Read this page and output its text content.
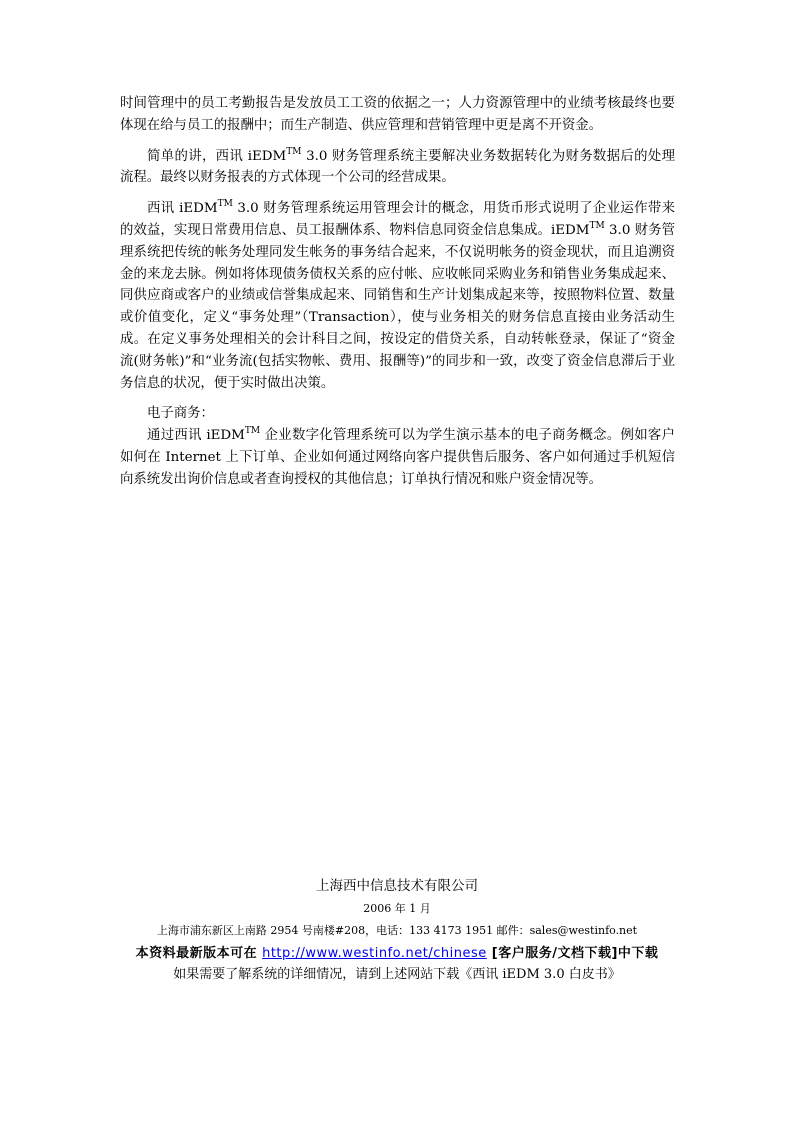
时间管理中的员工考勤报告是发放员工工资的依据之一；人力资源管理中的业绩考核最终也要体现在给与员工的报酬中；而生产制造、供应管理和营销管理中更是离不开资金。

简单的讲，西讯 iEDM™ 3.0 财务管理系统主要解决业务数据转化为财务数据后的处理流程。最终以财务报表的方式体现一个公司的经营成果。

西讯 iEDM™ 3.0 财务管理系统运用管理会计的概念，用货币形式说明了企业运作带来的效益，实现日常费用信息、员工报酬体系、物料信息同资金信息集成。iEDM™ 3.0 财务管理系统把传统的帐务处理同发生帐务的事务结合起来，不仅说明帐务的资金现状，而且追溯资金的来龙去脉。例如将体现债务债权关系的应付帐、应收帐同采购业务和销售业务集成起来、同供应商或客户的业绩或信誉集成起来、同销售和生产计划集成起来等，按照物料位置、数量或价值变化，定义“事务处理”（Transaction），使与业务相关的财务信息直接由业务活动生成。在定义事务处理相关的会计科目之间，按设定的借贷关系，自动转帐登录，保证了“资金流(财务帐)”和“业务流(包括实物帐、费用、报酬等)”的同步和一致，改变了资金信息滞后于业务信息的状况，便于实时做出决策。

电子商务：

通过西讯 iEDM™ 企业数字化管理系统可以为学生演示基本的电子商务概念。例如客户如何在 Internet 上下订单、企业如何通过网络向客户提供售后服务、客户如何通过手机短信向系统发出询价信息或者查询授权的其他信息；订单执行情况和账户资金情况等。

上海西中信息技术有限公司
2006 年 1 月
上海市浦东新区上南路 2954 号南楼#208，电话：133 4173 1951 邮件：sales@westinfo.net
本资料最新版本可在 http://www.westinfo.net/chinese [客户服务/文档下载]中下载
如果需要了解系统的详细情况，请到上述网站下载《西讯 iEDM 3.0 白皮书》
